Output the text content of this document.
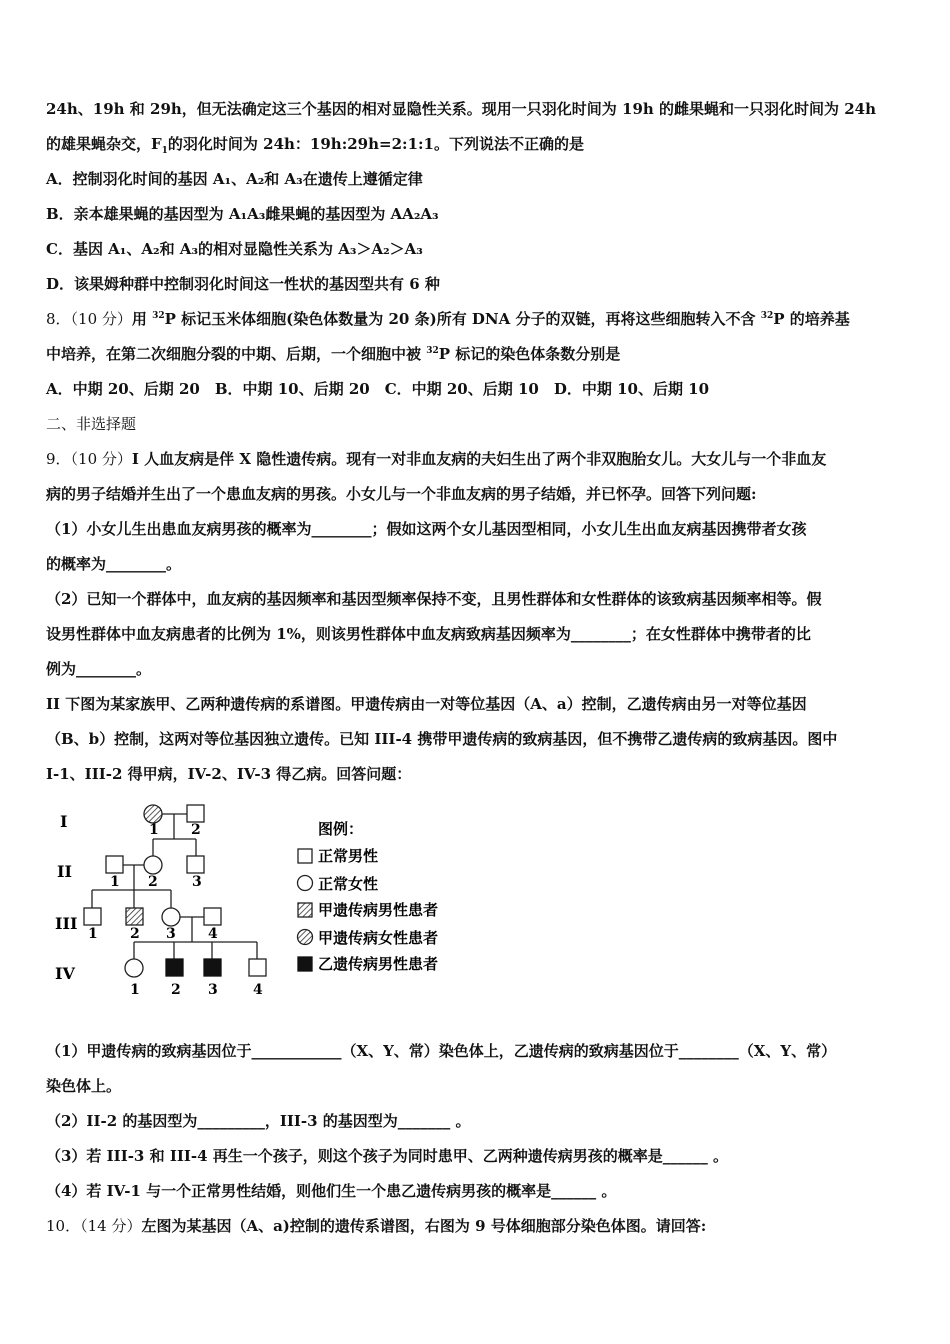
24h、19h 和 29h，但无法确定这三个基因的相对显隐性关系。现用一只羽化时间为 19h 的雌果蝇和一只羽化时间为 24h
的雄果蝇杂交，$F_1$的羽化时间为 24h：19h:29h=2:1:1。下列说法不正确的是
A．控制羽化时间的基因 A₁、A₂和 A₃在遗传上遵循定律
B．亲本雄果蝇的基因型为 A₁A₃雌果蝇的基因型为 AA₂A₃
C．基因 A₁、A₂和 A₃的相对显隐性关系为 A₃＞A₂＞A₃
D．该果姆种群中控制羽化时间这一性状的基因型共有 6 种
8．（10 分）用 $^{32}$P 标记玉米体细胞(染色体数量为 20 条)所有 DNA 分子的双链，再将这些细胞转入不含 $^{32}$P 的培养基
中培养，在第二次细胞分裂的中期、后期，一个细胞中被 $^{32}$P 标记的染色体条数分别是
A．中期 20、后期 20　B．中期 10、后期 20　C．中期 20、后期 10　D．中期 10、后期 10
二、非选择题
9．（10 分）I 人血友病是伴 X 隐性遗传病。现有一对非血友病的夫妇生出了两个非双胞胎女儿。大女儿与一个非血友
病的男子结婚并生出了一个患血友病的男孩。小女儿与一个非血友病的男子结婚，并已怀孕。回答下列问题:
（1）小女儿生出患血友病男孩的概率为________；假如这两个女儿基因型相同，小女儿生出血友病基因携带者女孩
的概率为________。
（2）已知一个群体中，血友病的基因频率和基因型频率保持不变，且男性群体和女性群体的该致病基因频率相等。假
设男性群体中血友病患者的比例为 1%，则该男性群体中血友病致病基因频率为________；在女性群体中携带者的比
例为________。
II 下图为某家族甲、乙两种遗传病的系谱图。甲遗传病由一对等位基因（A、a）控制，乙遗传病由另一对等位基因
（B、b）控制，这两对等位基因独立遗传。已知 III-4 携带甲遗传病的致病基因，但不携带乙遗传病的致病基因。图中
I-1、III-2 得甲病，IV-2、IV-3 得乙病。回答问题：
I
II
III
IV
1 2
1 2 3
1 2 3 4
1 2 3	4
图例：
正常男性
正常女性
甲遗传病男性患者
甲遗传病女性患者
乙遗传病男性患者
（1）甲遗传病的致病基因位于____________（X、Y、常）染色体上，乙遗传病的致病基因位于________（X、Y、常）
染色体上。
（2）II-2 的基因型为_________，III-3 的基因型为_______ 。
（3）若 III-3 和 III-4 再生一个孩子，则这个孩子为同时患甲、乙两种遗传病男孩的概率是______ 。
（4）若 IV-1 与一个正常男性结婚，则他们生一个患乙遗传病男孩的概率是______ 。
10．（14 分）左图为某基因（A、a)控制的遗传系谱图，右图为 9 号体细胞部分染色体图。请回答:
